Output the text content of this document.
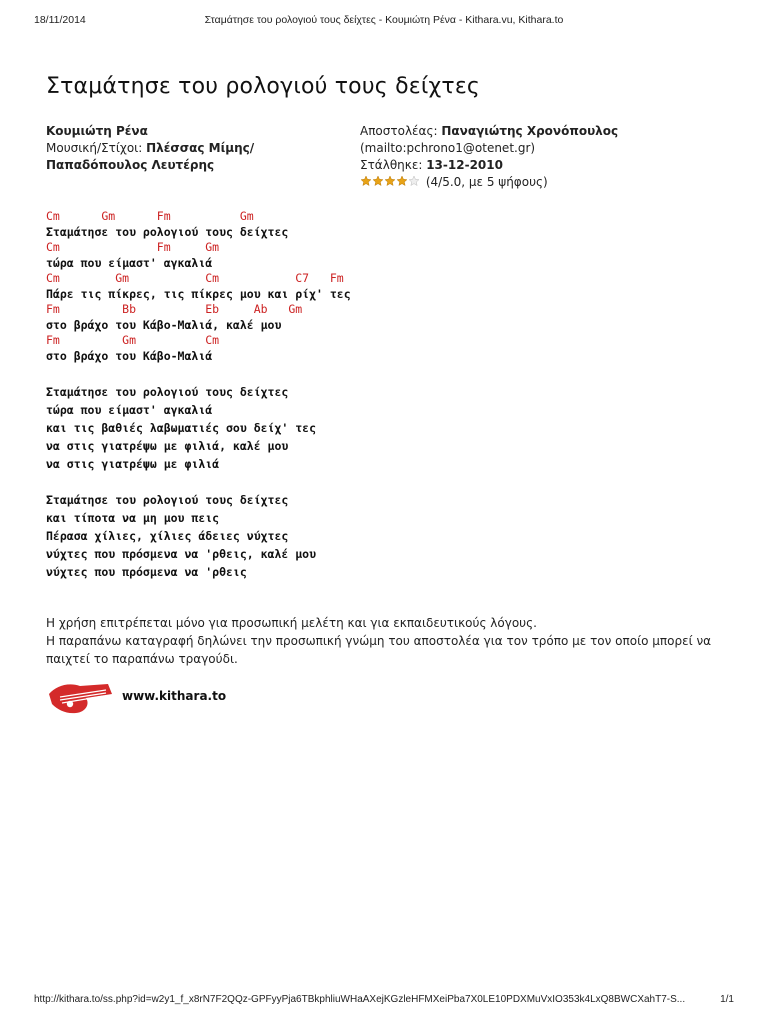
18/11/2014	Σταμάτησε του ρολογιού τους δείχτες - Κουμιώτη Ρένα - Kithara.vu, Kithara.to
Σταμάτησε του ρολογιού τους δείχτες
Κουμιώτη Ρένα
Μουσική/Στίχοι: Πλέσσας Μίμης/Παπαδόπουλος Λευτέρης
Αποστολέας: Παναγιώτης Χρονόπουλος
(mailto:pchrono1@otenet.gr)
Στάλθηκε: 13-12-2010
(4/5.0, με 5 ψήφους)
Cm      Gm      Fm          Gm
Σταμάτησε του ρολογιού τους δείχτες
Cm              Fm     Gm
τώρα που είμαστ' αγκαλιά
Cm        Gm           Cm           C7   Fm
Πάρε τις πίκρες, τις πίκρες μου και ρίχ' τες
Fm         Bb          Eb     Ab   Gm
στο βράχο του Κάβο-Μαλιά, καλέ μου
Fm         Gm          Cm
στο βράχο του Κάβο-Μαλιά
Σταμάτησε του ρολογιού τους δείχτες
τώρα που είμαστ' αγκαλιά
και τις βαθιές λαβωματιές σου δείχ' τες
να στις γιατρέψω με φιλιά, καλέ μου
να στις γιατρέψω με φιλιά
Σταμάτησε του ρολογιού τους δείχτες
και τίποτα να μη μου πεις
Πέρασα χίλιες, χίλιες άδειες νύχτες
νύχτες που πρόσμενα να 'ρθεις, καλέ μου
νύχτες που πρόσμενα να 'ρθεις

Η χρήση επιτρέπεται μόνο για προσωπική μελέτη και για εκπαιδευτικούς λόγους.

Η παραπάνω καταγραφή δηλώνει την προσωπική γνώμη του αποστολέα για τον τρόπο με τον οποίο μπορεί να παιχτεί το παραπάνω τραγούδι.

www.kithara.to
http://kithara.to/ss.php?id=w2y1_f_x8rN7F2QQz-GPFyyPja6TBkphliuWHaAXejKGzleHFMXeiPba7X0LE10PDXMuVxIO353k4LxQ8BWCXahT7-S...	1/1
